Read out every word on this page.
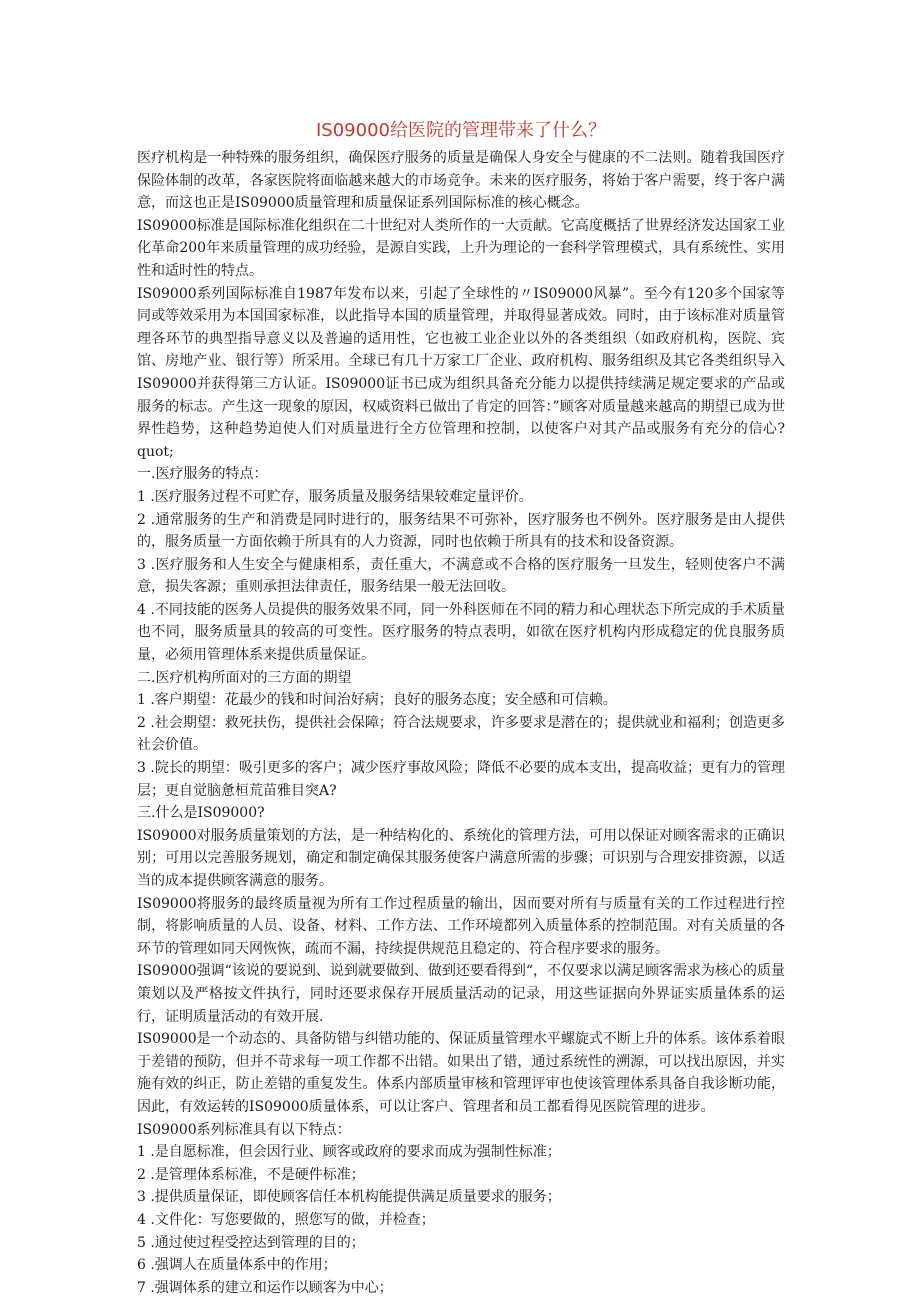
IS09000给医院的管理带来了什么？

医疗机构是一种特殊的服务组织，确保医疗服务的质量是确保人身安全与健康的不二法则。随着我国医疗保险体制的改革，各家医院将面临越来越大的市场竞争。未来的医疗服务，将始于客户需要，终于客户满意，而这也正是IS09000质量管理和质量保证系列国际标准的核心概念。

IS09000标准是国际标准化组织在二十世纪对人类所作的一大贡献。它高度概括了世界经济发达国家工业化革命200年来质量管理的成功经验，是源自实践，上升为理论的一套科学管理模式，具有系统性、实用性和适时性的特点。

IS09000系列国际标准自1987年发布以来，引起了全球性的〃IS09000风暴”。至今有120多个国家等同或等效采用为本国国家标准，以此指导本国的质量管理，并取得显著成效。同时，由于该标准对质量管理各环节的典型指导意义以及普遍的适用性，它也被工业企业以外的各类组织（如政府机构，医院、宾馆、房地产业、银行等）所采用。全球已有几十万家工厂企业、政府机构、服务组织及其它各类组织导入IS09000并获得第三方认证。IS09000证书已成为组织具备充分能力以提供持续满足规定要求的产品或服务的标志。产生这一现象的原因，权威资料已做出了肯定的回答：”顾客对质量越来越高的期望已成为世界性趋势，这种趋势迫使人们对质量进行全方位管理和控制，以使客户对其产品或服务有充分的信心?quot;

一.医疗服务的特点：

1 .医疗服务过程不可贮存，服务质量及服务结果较难定量评价。

2 .通常服务的生产和消费是同时进行的，服务结果不可弥补，医疗服务也不例外。医疗服务是由人提供的，服务质量一方面依赖于所具有的人力资源，同时也依赖于所具有的技术和设备资源。

3 .医疗服务和人生安全与健康相系，责任重大，不满意或不合格的医疗服务一旦发生，轻则使客户不满意，损失客源；重则承担法律责任，服务结果一般无法回收。

4 .不同技能的医务人员提供的服务效果不同，同一外科医师在不同的精力和心理状态下所完成的手术质量也不同，服务质量具的较高的可变性。医疗服务的特点表明，如欲在医疗机构内形成稳定的优良服务质量，必须用管理体系来提供质量保证。

二.医疗机构所面对的三方面的期望

1 .客户期望：花最少的钱和时间治好病；良好的服务态度；安全感和可信赖。

2 .社会期望：救死扶伤，提供社会保障；符合法规要求，许多要求是潜在的；提供就业和福利；创造更多社会价值。

3 .院长的期望：吸引更多的客户；减少医疗事故风险；降低不必要的成本支出，提高收益；更有力的管理层；更自觉脑惫桓荒苗雅目突A?

三.什么是IS09000?

IS09000对服务质量策划的方法，是一种结构化的、系统化的管理方法，可用以保证对顾客需求的正确识别；可用以完善服务规划，确定和制定确保其服务使客户满意所需的步骤；可识别与合理安排资源，以适当的成本提供顾客满意的服务。

IS09000将服务的最终质量视为所有工作过程质量的输出，因而要对所有与质量有关的工作过程进行控制，将影响质量的人员、设备、材料、工作方法、工作环境都列入质量体系的控制范围。对有关质量的各环节的管理如同天网恢恢，疏而不漏，持续提供规范且稳定的、符合程序要求的服务。

IS09000强调“该说的要说到、说到就要做到、做到还要看得到“，不仅要求以满足顾客需求为核心的质量策划以及严格按文件执行，同时还要求保存开展质量活动的记录，用这些证据向外界证实质量体系的运行，证明质量活动的有效开展.

IS09000是一个动态的、具备防错与纠错功能的、保证质量管理水平螺旋式不断上升的体系。该体系着眼于差错的预防，但并不苛求每一项工作都不出错。如果出了错，通过系统性的溯源，可以找出原因，并实施有效的纠正，防止差错的重复发生。体系内部质量审核和管理评审也使该管理体系具备自我诊断功能，因此，有效运转的IS09000质量体系，可以让客户、管理者和员工都看得见医院管理的进步。

IS09000系列标准具有以下特点：

1 .是自愿标准，但会因行业、顾客或政府的要求而成为强制性标准；

2 .是管理体系标准，不是硬件标准；

3 .提供质量保证，即使顾客信任本机构能提供满足质量要求的服务；

4 .文件化：写您要做的，照您写的做，并检查；

5 .通过使过程受控达到管理的目的；

6 .强调人在质量体系中的作用；

7 .强调体系的建立和运作以顾客为中心；
